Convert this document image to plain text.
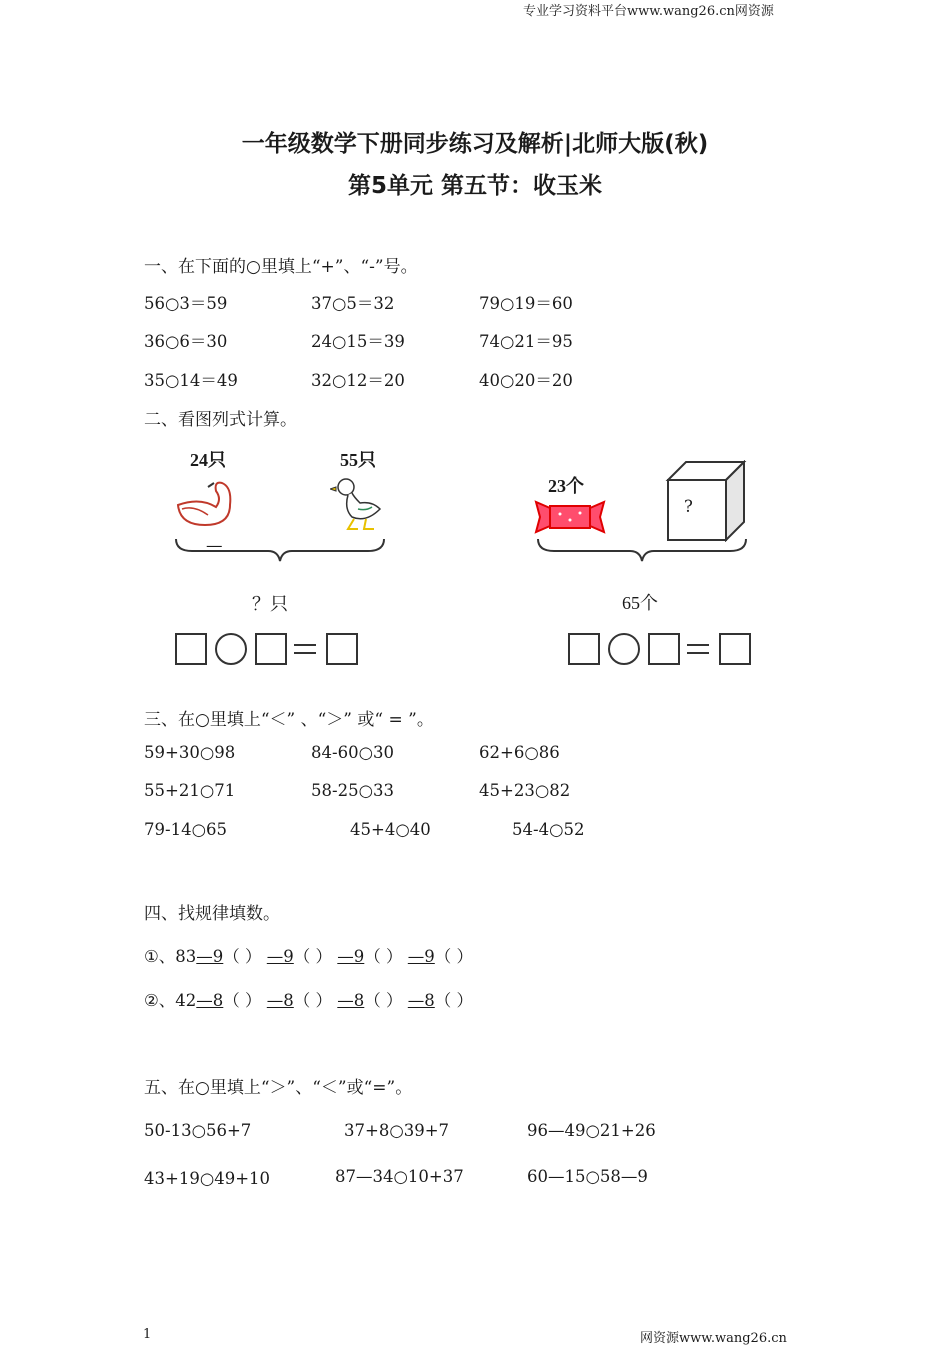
专业学习资料平台www.wang26.cn网资源
一年级数学下册同步练习及解析|北师大版(秋)
第5单元 第五节：收玉米
一、在下面的○里填上“+”、“-”号。
56○3＝59	37○5＝32	79○19＝60
36○6＝30	24○15＝39	74○21＝95
35○14＝49	32○12＝20	40○20＝20
二、看图列式计算。
24只	55只
—
？只
23个
?
65个
三、在○里填上“＜” 、“＞” 或“ = ”。
59+30○98	84-60○30	62+6○86
55+21○71	58-25○33	45+23○82
79-14○65	45+4○40	54-4○52
四、找规律填数。
①、83—9（ ） —9（ ） —9（ ） —9（ ）
②、42—8（ ） —8（ ） —8（ ） —8（ ）
五、在○里填上“＞”、“＜”或“=”。
50-13○56+7	37+8○39+7	96—49○21+26
43+19○49+10	87—34○10+37	60—15○58—9
1	网资源www.wang26.cn
